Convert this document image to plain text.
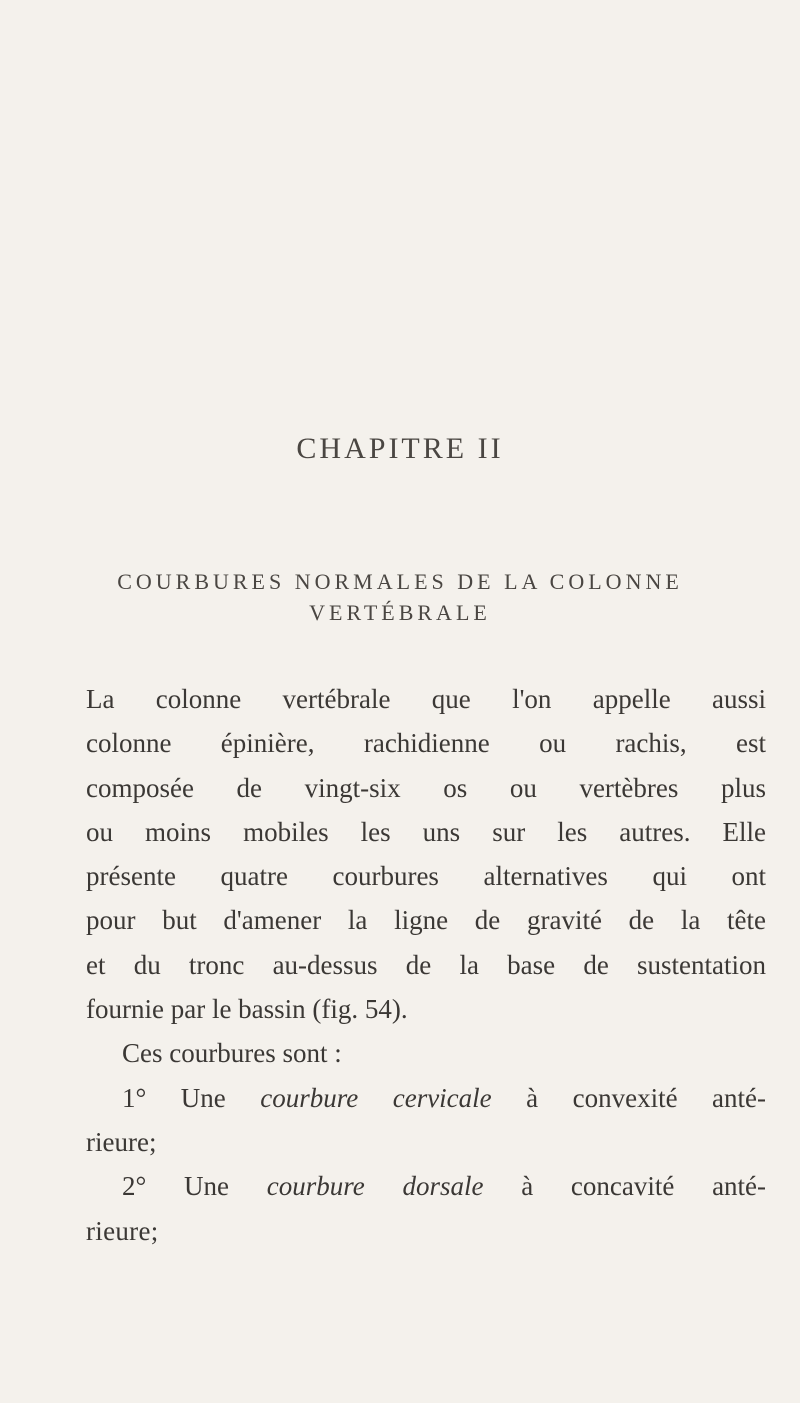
CHAPITRE II
COURBURES NORMALES DE LA COLONNE
VERTÉBRALE
La colonne vertébrale que l'on appelle aussi
colonne épinière, rachidienne ou rachis, est
composée de vingt-six os ou vertèbres plus
ou moins mobiles les uns sur les autres. Elle
présente quatre courbures alternatives qui ont
pour but d'amener la ligne de gravité de la tête
et du tronc au-dessus de la base de sustentation
fournie par le bassin (fig. 54).
Ces courbures sont :
1° Une courbure cervicale à convexité anté-
rieure;
2° Une courbure dorsale à concavité anté-
rieure;
